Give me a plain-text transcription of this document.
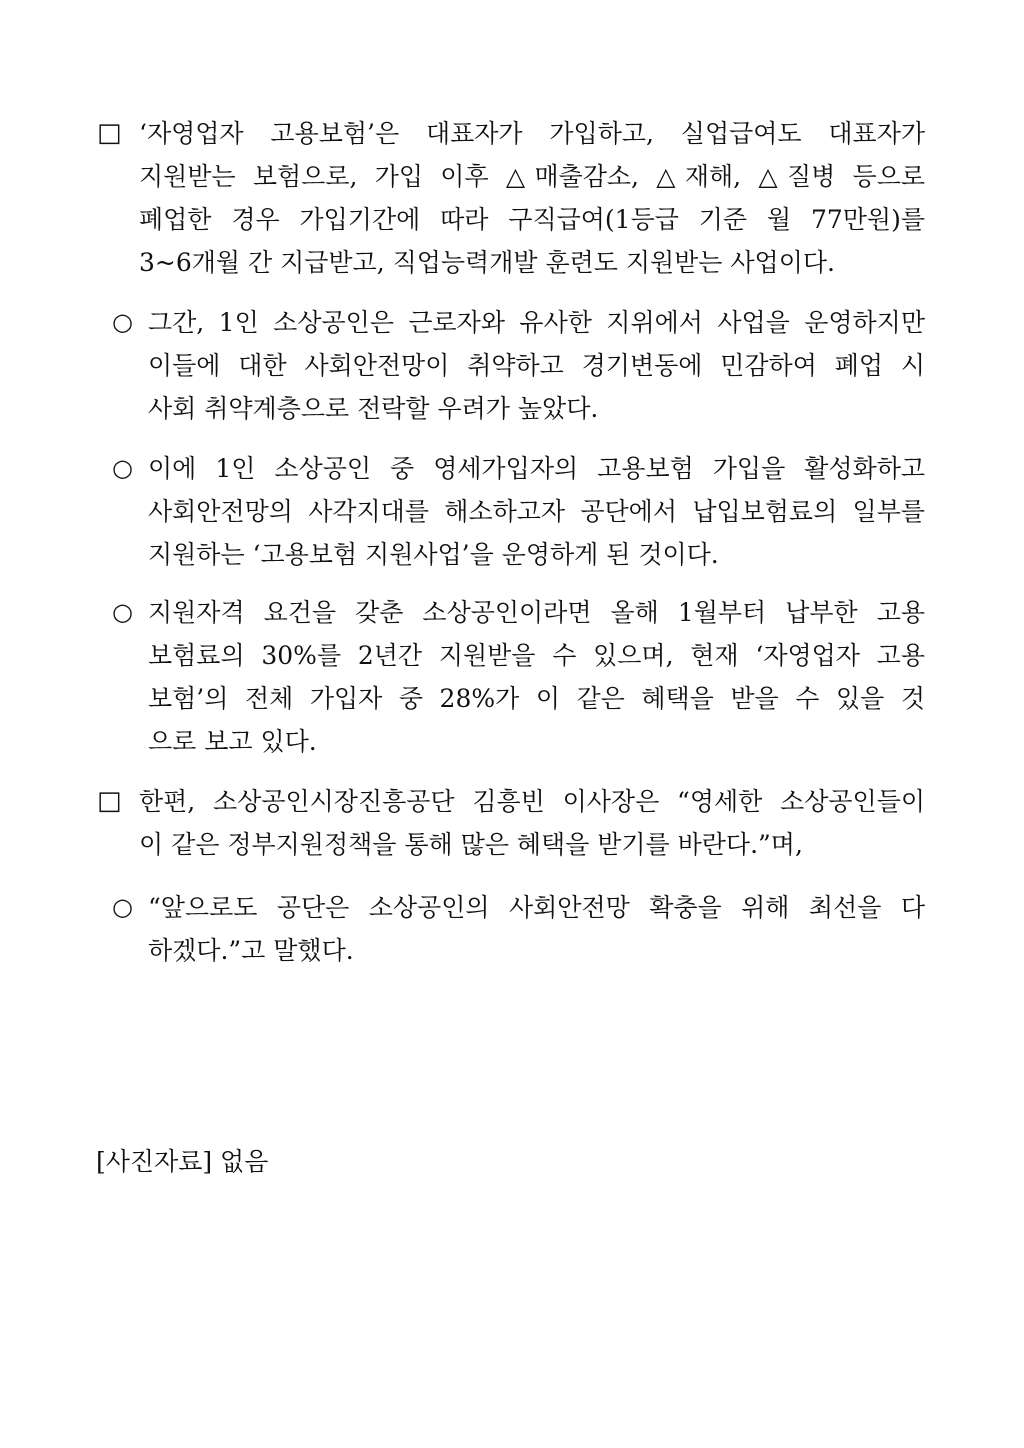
□ ‘자영업자 고용보험’은 대표자가 가입하고, 실업급여도 대표자가
지원받는 보험으로, 가입 이후 △매출감소, △재해, △질병 등으로
폐업한 경우 가입기간에 따라 구직급여(1등급 기준 월 77만원)를
3~6개월 간 지급받고, 직업능력개발 훈련도 지원받는 사업이다.
○ 그간, 1인 소상공인은 근로자와 유사한 지위에서 사업을 운영하지만
이들에 대한 사회안전망이 취약하고 경기변동에 민감하여 폐업 시
사회 취약계층으로 전락할 우려가 높았다.
○ 이에 1인 소상공인 중 영세가입자의 고용보험 가입을 활성화하고
사회안전망의 사각지대를 해소하고자 공단에서 납입보험료의 일부를
지원하는 ‘고용보험 지원사업’을 운영하게 된 것이다.
○ 지원자격 요건을 갖춘 소상공인이라면 올해 1월부터 납부한 고용
보험료의 30%를 2년간 지원받을 수 있으며, 현재 ‘자영업자 고용
보험’의 전체 가입자 중 28%가 이 같은 혜택을 받을 수 있을 것
으로 보고 있다.
□ 한편, 소상공인시장진흥공단 김흥빈 이사장은 “영세한 소상공인들이
이 같은 정부지원정책을 통해 많은 혜택을 받기를 바란다.”며,
○ “앞으로도 공단은 소상공인의 사회안전망 확충을 위해 최선을 다
하겠다.”고 말했다.
[사진자료] 없음
